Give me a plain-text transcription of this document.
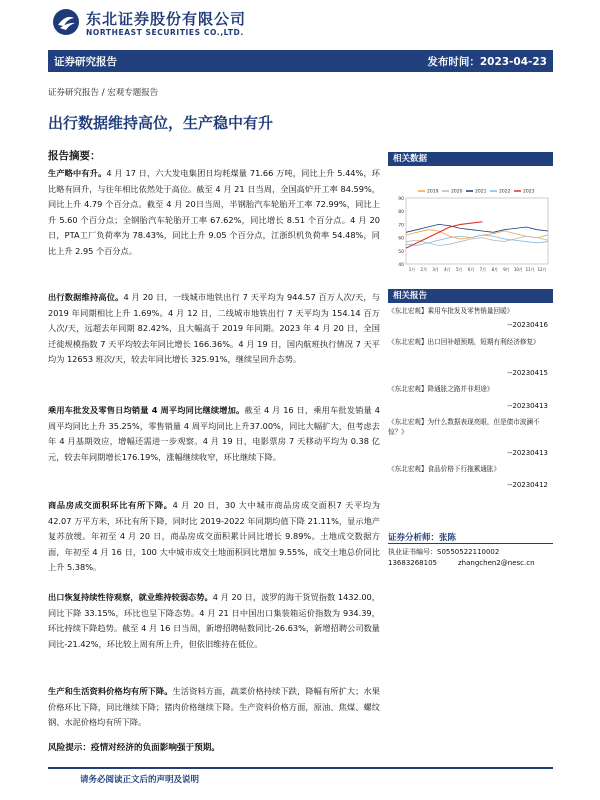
东北证券股份有限公司
NORTHEAST SECURITIES CO.,LTD.
证券研究报告	发布时间：2023-04-23
证券研究报告 / 宏观专题报告
出行数据维持高位，生产稳中有升
报告摘要：
生产略中有升。4 月 17 日，六大发电集团日均耗煤量 71.66 万吨，同比上升 5.44%，环比略有回升，与往年相比依然处于高位。截至 4 月 21 日当周，全国高炉开工率 84.59%，同比上升 4.79 个百分点。截至 4 月 20日当周，半钢胎汽车轮胎开工率 72.99%，同比上升 5.60 个百分点；全钢胎汽车轮胎开工率 67.62%，同比增长 8.51 个百分点。4 月 20 日，PTA工厂负荷率为 78.43%，同比上升 9.05 个百分点，江浙织机负荷率 54.48%，同比上升 2.95 个百分点。
出行数据维持高位。4 月 20 日，一线城市地铁出行 7 天平均为 944.57 百万人次/天，与 2019 年同期相比上升 1.69%。4 月 12 日，二线城市地铁出行 7 天平均为 154.14 百万人次/天，远超去年同期 82.42%，且大幅高于 2019 年同期。2023 年 4 月 20 日，全国迁徙规模指数 7 天平均较去年同比增长 166.36%。4 月 19 日，国内航班执行情况 7 天平均为 12653 班次/天，较去年同比增长 325.91%，继续呈回升态势。
乘用车批发及零售日均销量 4 周平均同比继续增加。截至 4 月 16 日，乘用车批发销量 4 周平均同比上升 35.25%，零售销量 4 周平均同比上升37.00%，同比大幅扩大，但考虑去年 4 月基期效应，增幅还需进一步观察。4 月 19 日，电影票房 7 天移动平均为 0.38 亿元，较去年同期增长176.19%，涨幅继续收窄，环比继续下降。
商品房成交面积环比有所下降。4 月 20 日，30 大中城市商品房成交面积7 天平均为 42.07 万平方米，环比有所下降，同时比 2019-2022 年同期均值下降 21.11%，显示地产复苏放缓。年初至 4 月 20 日，商品房成交面积累计同比增长 9.89%。土地成交数据方面，年初至 4 月 16 日，100 大中城市成交土地面积同比增加 9.55%，成交土地总价同比上升 5.38%。
出口恢复持续性待观察，就业维持较弱态势。4 月 20 日，波罗的海干货贸指数 1432.00，同比下降 33.15%，环比也呈下降态势。4 月 21 日中国出口集装箱运价指数为 934.39，环比持续下降趋势。截至 4 月 16 日当周，新增招聘帖数同比-26.63%，新增招聘公司数量同比-21.42%，环比较上周有所上升，但依旧维持在低位。
生产和生活资料价格均有所下降。生活资料方面，蔬菜价格持续下跌，降幅有所扩大；水果价格环比下降，同比继续下降；猪肉价格继续下降。生产资料价格方面，原油、焦煤、螺纹钢、水泥价格均有所下降。
风险提示：疫情对经济的负面影响强于预期。
相关数据
40
50
60
70
80
90
1月 2月 3月 4月 5月 6月 7月 8月 9月 10月 11月 12月
2019	2020	2021	2022	2023
相关报告
《东北宏观】乘用车批发及零售销量回暖》
--20230416
《东北宏观】出口回补超预期，短期有利经济修复》
--20230415
《东北宏观】降通胀之路并非坦途》
--20230413
《东北宏观】为什么数据表现亮眼，但是债市波澜不惊？》
--20230413
《东北宏观】食品价格下行拖累通胀》
--20230412
证券分析师：张陈
执业证书编号：S0550522110002
13683268105	zhangchen2@nesc.cn
请务必阅读正文后的声明及说明
